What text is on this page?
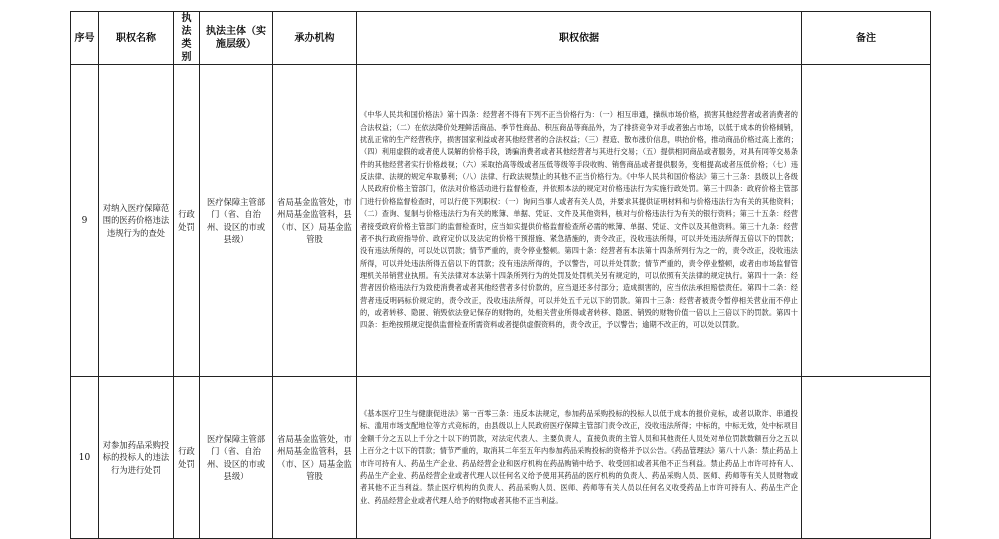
序号	职权名称	执法类别	执法主体（实施层级）	承办机构	职权依据	备注
9	对纳入医疗保障范围的医药价格违法违规行为的查处	行政处罚	医疗保障主管部门（省、自治州、设区的市或县级）	省局基金监管处，市州局基金监管科，县（市、区）局基金监管股	《中华人民共和国价格法》第十四条：经营者不得有下列不正当价格行为：（一）相互串通，操纵市场价格，损害其他经营者或者消费者的合法权益；（二）在依法降价处理鲜活商品、季节性商品、积压商品等商品外，为了排挤竞争对手或者独占市场，以低于成本的价格倾销，扰乱正常的生产经营秩序，损害国家利益或者其他经营者的合法权益；（三）捏造、散布涨价信息，哄抬价格，推动商品价格过高上涨的；（四）利用虚假的或者使人误解的价格手段，诱骗消费者或者其他经营者与其进行交易；（五）提供相同商品或者服务，对具有同等交易条件的其他经营者实行价格歧视；（六）采取抬高等级或者压低等级等手段收购、销售商品或者提供服务，变相提高或者压低价格；（七）违反法律、法规的规定牟取暴利；（八）法律、行政法规禁止的其他不正当价格行为。《中华人民共和国价格法》第三十三条：县级以上各级人民政府价格主管部门，依法对价格活动进行监督检查，并依照本法的规定对价格违法行为实施行政处罚。第三十四条：政府价格主管部门进行价格监督检查时，可以行使下列职权：（一）询问当事人或者有关人员，并要求其提供证明材料和与价格违法行为有关的其他资料；（二）查询、复制与价格违法行为有关的账簿、单据、凭证、文件及其他资料，核对与价格违法行为有关的银行资料；第三十五条：经营者接受政府价格主管部门的监督检查时，应当如实提供价格监督检查所必需的帐簿、单据、凭证、文件以及其他资料。第三十九条：经营者不执行政府指导价、政府定价以及法定的价格干预措施、紧急措施的，责令改正，没收违法所得，可以并处违法所得五倍以下的罚款；没有违法所得的，可以处以罚款；情节严重的，责令停业整顿。第四十条：经营者有本法第十四条所列行为之一的，责令改正，没收违法所得，可以并处违法所得五倍以下的罚款；没有违法所得的，予以警告，可以并处罚款；情节严重的，责令停业整顿，或者由市场监督管理机关吊销营业执照。有关法律对本法第十四条所列行为的处罚及处罚机关另有规定的，可以依照有关法律的规定执行。第四十一条：经营者因价格违法行为致使消费者或者其他经营者多付价款的，应当退还多付部分；造成损害的，应当依法承担赔偿责任。第四十二条：经营者违反明码标价规定的，责令改正，没收违法所得，可以并处五千元以下的罚款。第四十三条：经营者被责令暂停相关营业而不停止的，或者转移、隐匿、销毁依法登记保存的财物的，处相关营业所得或者转移、隐匿、销毁的财物价值一倍以上三倍以下的罚款。第四十四条：拒绝按照规定提供监督检查所需资料或者提供虚假资料的，责令改正，予以警告；逾期不改正的，可以处以罚款。	
10	对参加药品采购投标的投标人的违法行为进行处罚	行政处罚	医疗保障主管部门（省、自治州、设区的市或县级）	省局基金监管处，市州局基金监管科，县（市、区）局基金监管股	《基本医疗卫生与健康促进法》第一百零三条：违反本法规定，参加药品采购投标的投标人以低于成本的报价竞标，或者以欺诈、串通投标、滥用市场支配地位等方式竞标的，由县级以上人民政府医疗保障主管部门责令改正，没收违法所得；中标的，中标无效，处中标项目金额千分之五以上千分之十以下的罚款，对法定代表人、主要负责人，直接负责的主管人员和其他责任人员处对单位罚款数额百分之五以上百分之十以下的罚款；情节严重的，取消其二年至五年内参加药品采购投标的资格并予以公告。《药品管理法》第八十八条：禁止药品上市许可持有人、药品生产企业、药品经营企业和医疗机构在药品购销中给予、收受回扣或者其他不正当利益。禁止药品上市许可持有人、药品生产企业、药品经营企业或者代理人以任何名义给予使用其药品的医疗机构的负责人、药品采购人员、医师、药师等有关人员财物或者其他不正当利益。禁止医疗机构的负责人、药品采购人员、医师、药师等有关人员以任何名义收受药品上市许可持有人、药品生产企业、药品经营企业或者代理人给予的财物或者其他不正当利益。	
